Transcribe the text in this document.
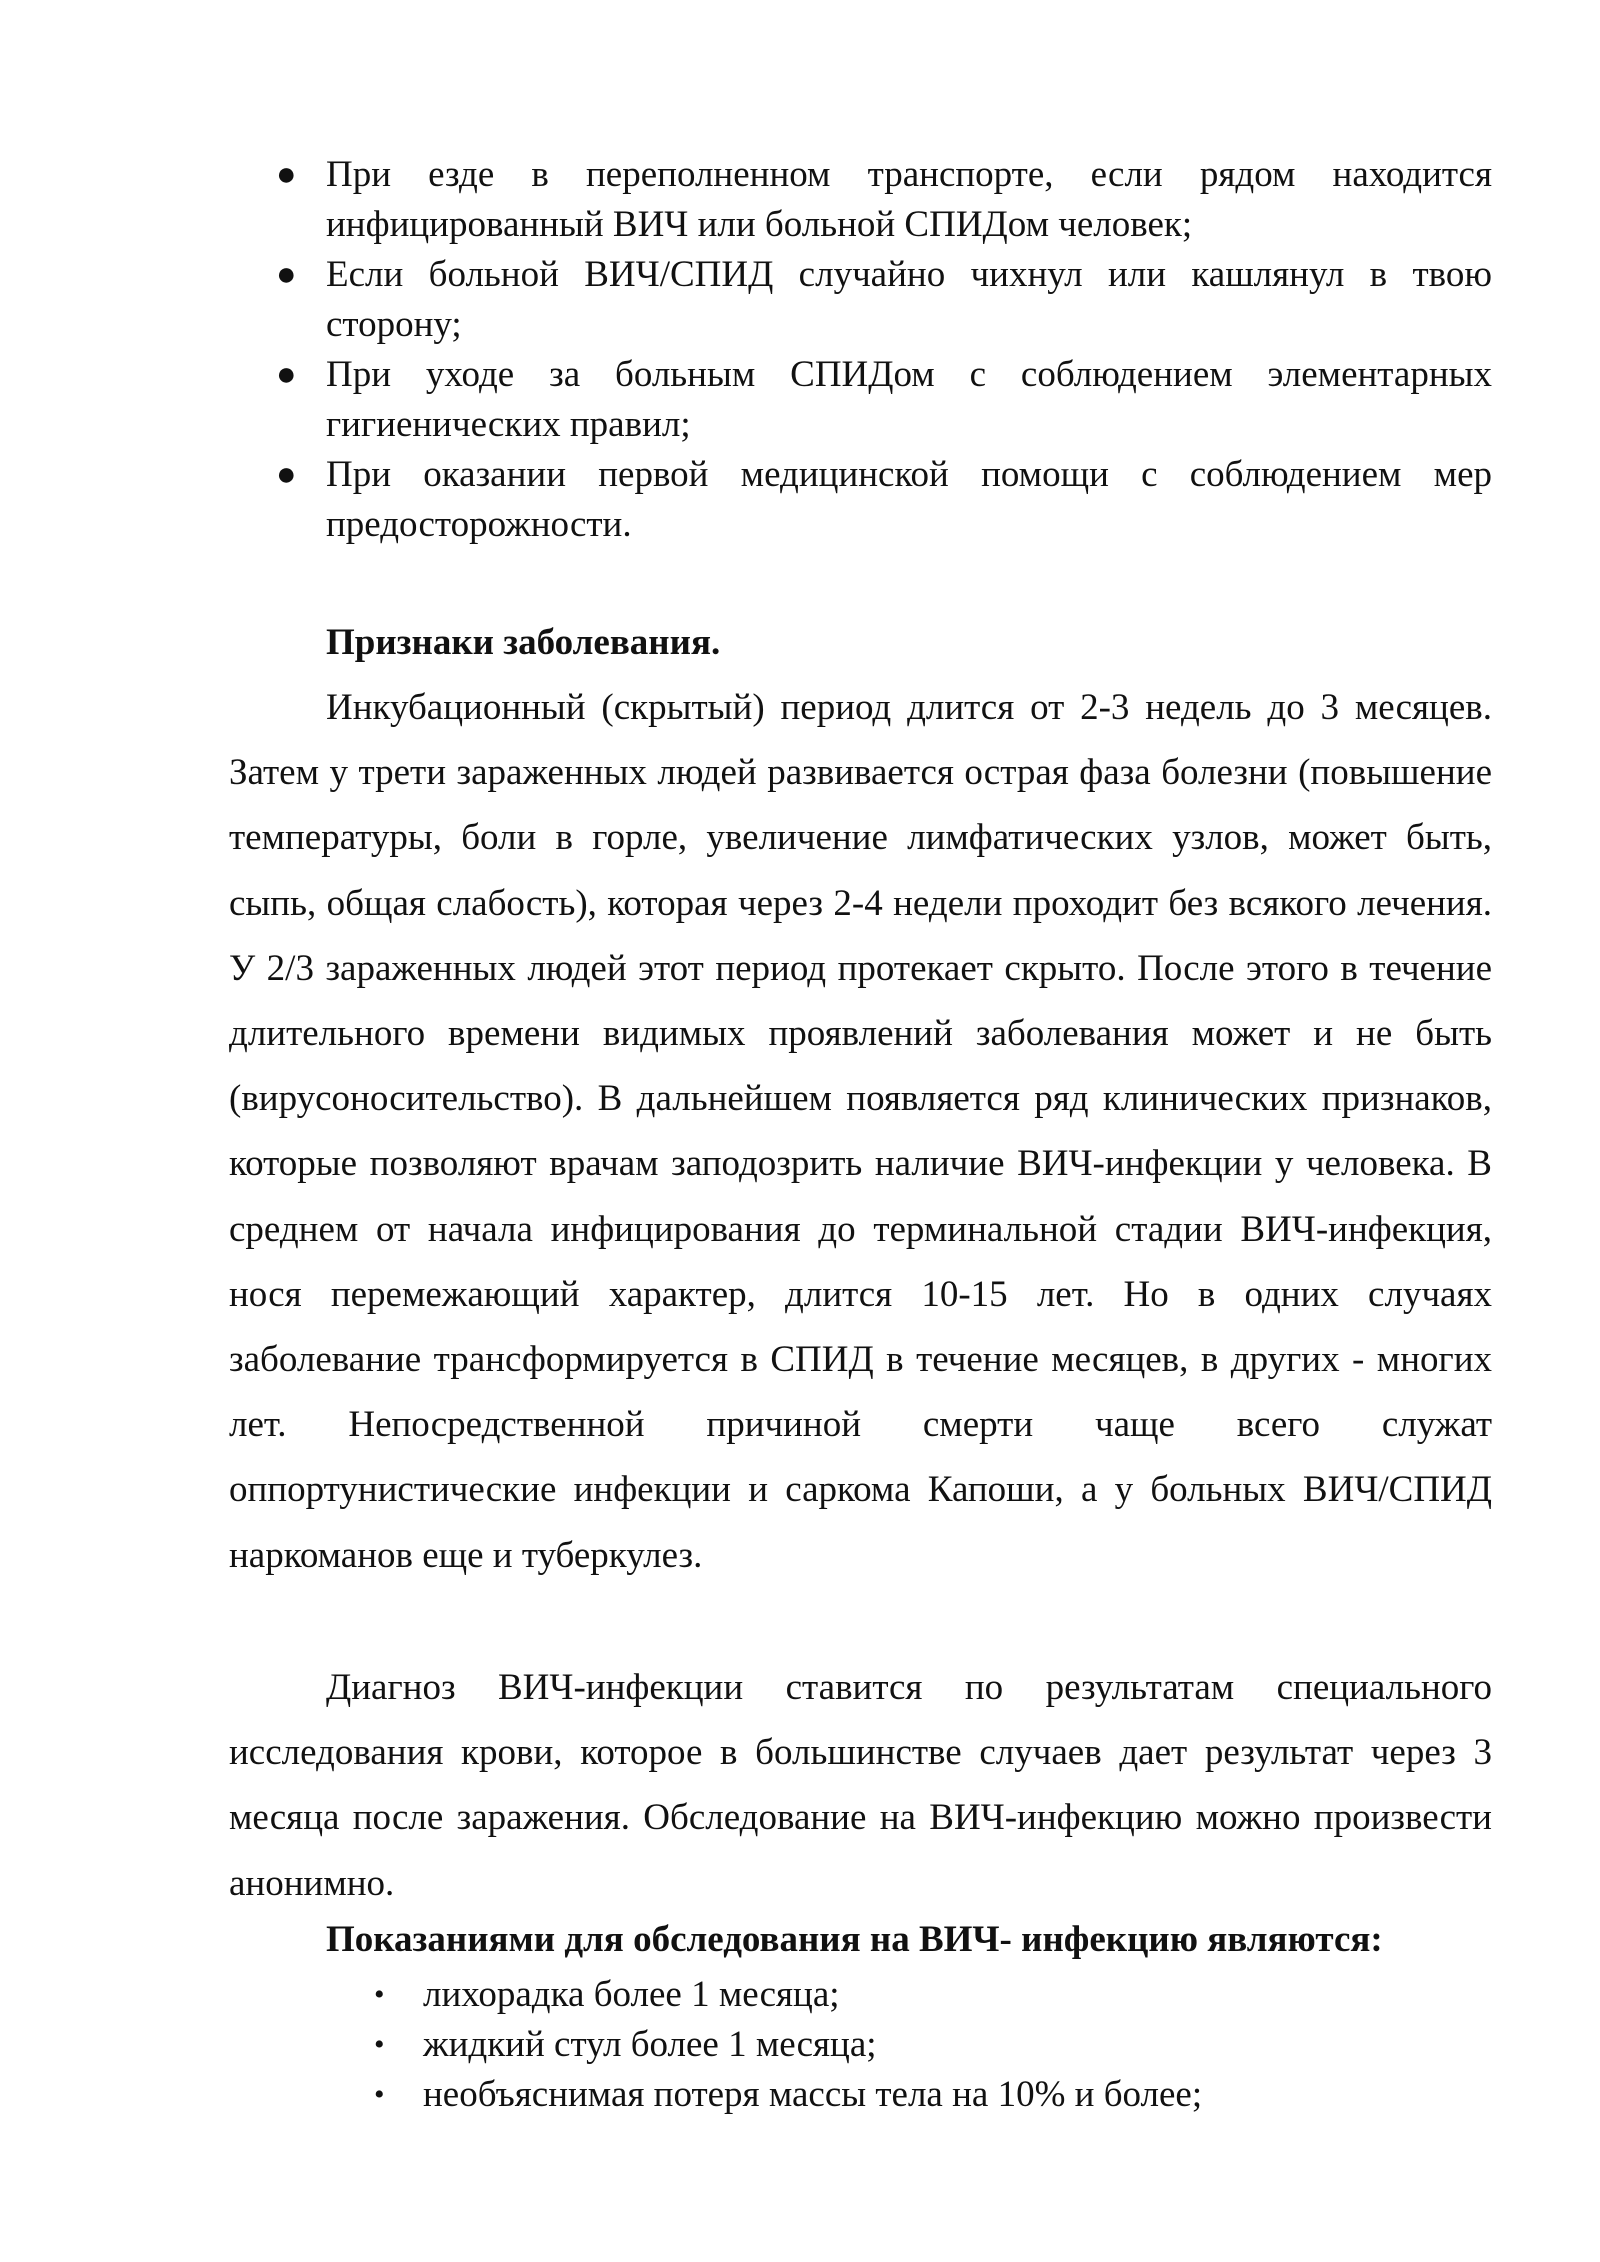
● При езде в переполненном транспорте, если рядом находится инфицированный ВИЧ или больной СПИДом человек;
● Если больной ВИЧ/СПИД случайно чихнул или кашлянул в твою сторону;
● При уходе за больным СПИДом с соблюдением элементарных гигиенических правил;
● При оказании первой медицинской помощи с соблюдением мер предосторожности.
Признаки заболевания.

Инкубационный (скрытый) период длится от 2-3 недель до 3 месяцев. Затем у трети зараженных людей развивается острая фаза болезни (повышение температуры, боли в горле, увеличение лимфатических узлов, может быть, сыпь, общая слабость), которая через 2-4 недели проходит без всякого лечения. У 2/3 зараженных людей этот период протекает скрыто. После этого в течение длительного времени видимых проявлений заболевания может и не быть (вирусоносительство). В дальнейшем появляется ряд клинических признаков, которые позволяют врачам заподозрить наличие ВИЧ-инфекции у человека. В среднем от начала инфицирования до терминальной стадии ВИЧ-инфекция, нося перемежающий характер, длится 10-15 лет. Но в одних случаях заболевание трансформируется в СПИД в течение месяцев, в других - многих лет. Непосредственной причиной смерти чаще всего служат оппортунистические инфекции и саркома Капоши, а у больных ВИЧ/СПИД наркоманов еще и туберкулез.

Диагноз ВИЧ-инфекции ставится по результатам специального исследования крови, которое в большинстве случаев дает результат через 3 месяца после заражения. Обследование на ВИЧ-инфекцию можно произвести анонимно.

Показаниями для обследования на ВИЧ- инфекцию являются:
• лихорадка более 1 месяца;
• жидкий стул более 1 месяца;
• необъяснимая потеря массы тела на 10% и более;
